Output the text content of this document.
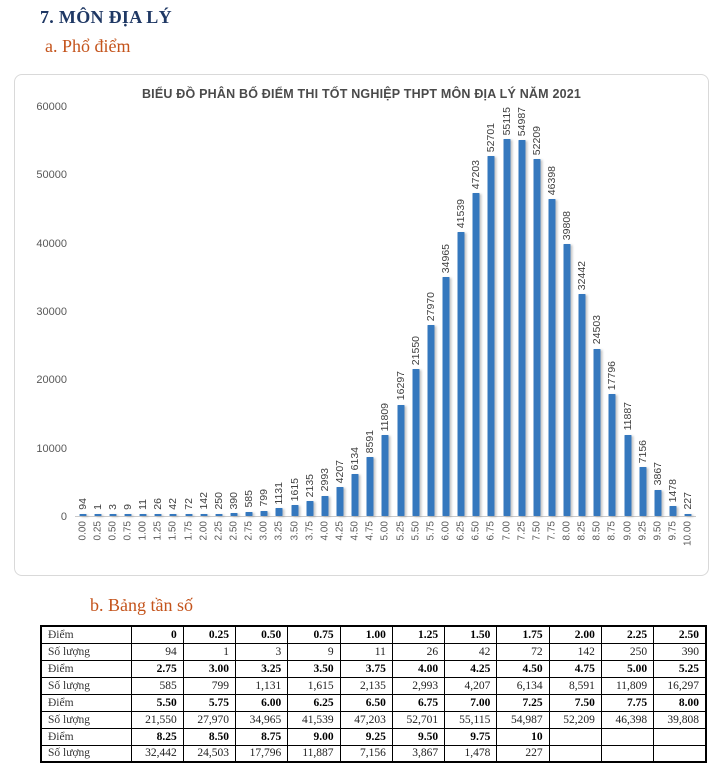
7. MÔN ĐỊA LÝ
a. Phổ điểm
BIỂU ĐỒ PHÂN BỐ ĐIỂM THI TỐT NGHIỆP THPT MÔN ĐỊA LÝ NĂM 2021
60000
50000
40000
30000
20000
10000
0
94 1 3 9 11 26 42 72 142 250 390 585 799 1131 1615 2135 2993 4207
6134
8591
11809
16297
21550
27970
34965
41539
47203
52701
55115 54987
52209
46398
39808
32442
24503
17796
11887
7156
3867
1478 227
0.00 0.25 0.50 0.75 1.00 1.25 1.50 1.75 2.00 2.25 2.50 2.75 3.00 3.25 3.50 3.75 4.00 4.25 4.50 4.75 5.00 5.25 5.50 5.75 6.00 6.25 6.50 6.75 7.00 7.25 7.50 7.75 8.00 8.25 8.50 8.75 9.00 9.25 9.50 9.75 10.00
b. Bảng tần số
Điểm	0	0.25	0.50	0.75	1.00	1.25	1.50	1.75	2.00	2.25	2.50
Số lượng	94	1	3	9	11	26	42	72	142	250	390
Điểm	2.75	3.00	3.25	3.50	3.75	4.00	4.25	4.50	4.75	5.00	5.25
Số lượng	585	799	1,131	1,615	2,135	2,993	4,207	6,134	8,591	11,809	16,297
Điểm	5.50	5.75	6.00	6.25	6.50	6.75	7.00	7.25	7.50	7.75	8.00
Số lượng	21,550	27,970	34,965	41,539	47,203	52,701	55,115	54,987	52,209	46,398	39,808
Điểm	8.25	8.50	8.75	9.00	9.25	9.50	9.75	10			
Số lượng	32,442	24,503	17,796	11,887	7,156	3,867	1,478	227			
